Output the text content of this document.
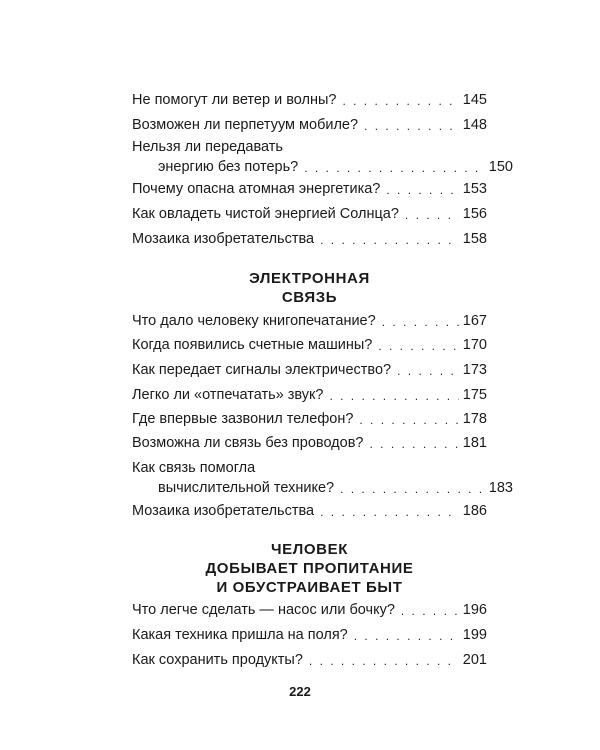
Не помогут ли ветер и волны? . . .	145
Возможен ли перпетуум мобиле? . . .	148
Нельзя ли передавать
энергию без потерь? . . .	150
Почему опасна атомная энергетика? . . .	153
Как овладеть чистой энергией Солнца? . . .	156
Мозаика изобретательства . . .	158
ЭЛЕКТРОННАЯ
СВЯЗЬ
Что дало человеку книгопечатание? . . .	167
Когда появились счетные машины? . . .	170
Как передает сигналы электричество? . . .	173
Легко ли «отпечатать» звук? . . .	175
Где впервые зазвонил телефон? . . .	178
Возможна ли связь без проводов? . . .	181
Как связь помогла
вычислительной технике? . . .	183
Мозаика изобретательства . . .	186
ЧЕЛОВЕК
ДОБЫВАЕТ ПРОПИТАНИЕ
И ОБУСТРАИВАЕТ БЫТ
Что легче сделать — насос или бочку? . . .	196
Какая техника пришла на поля? . . .	199
Как сохранить продукты? . . .	201
222
